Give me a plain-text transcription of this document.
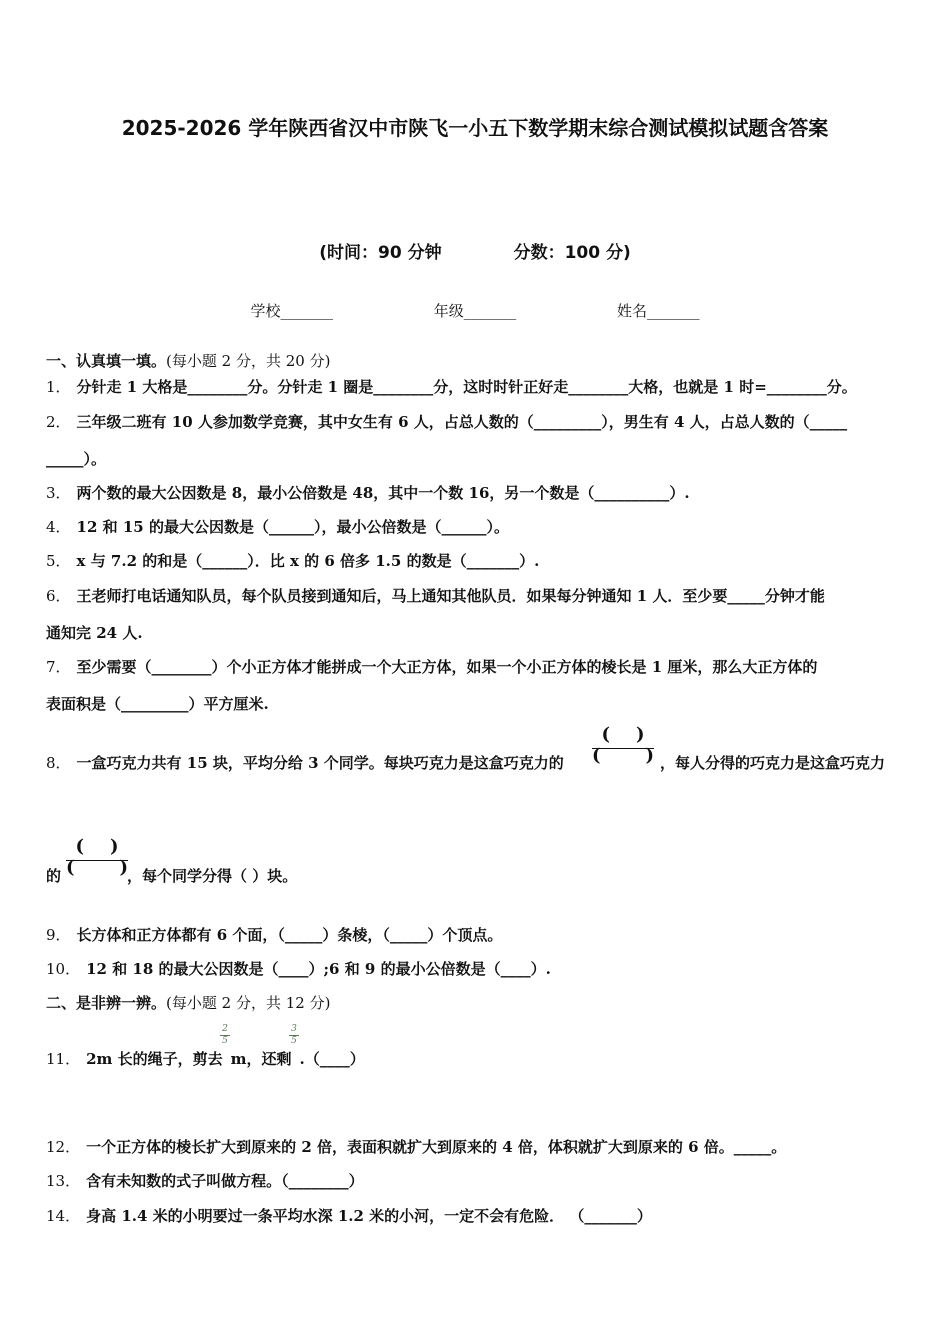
2025-2026 学年陕西省汉中市陕飞一小五下数学期末综合测试模拟试题含答案
(时间：90 分钟	分数：100 分)
学校_______	年级_______	姓名_______
一、认真填一填。(每小题 2 分，共 20 分)
1． 分针走 1 大格是________分。分针走 1 圈是________分，这时时针正好走________大格，也就是 1 时=________分。
2． 三年级二班有 10 人参加数学竞赛，其中女生有 6 人，占总人数的（_________），男生有 4 人，占总人数的（_____
_____）。
3． 两个数的最大公因数是 8，最小公倍数是 48，其中一个数 16，另一个数是（__________）.
4． 12 和 15 的最大公因数是（______），最小公倍数是（______）。
5． x 与 7.2 的和是（______）．比 x 的 6 倍多 1.5 的数是（_______）.
6． 王老师打电话通知队员，每个队员接到通知后，马上通知其他队员．如果每分钟通知 1 人．至少要_____分钟才能
通知完 24 人.
7． 至少需要（________）个小正方体才能拼成一个大正方体，如果一个小正方体的棱长是 1 厘米，那么大正方体的
表面积是（_________）平方厘米.
8． 一盒巧克力共有 15 块，平均分给 3 个同学。每块巧克力是这盒巧克力的
( )
( ) ，每人分得的巧克力是这盒巧克力
( )
( )
的	，每个同学分得（ ）块。
9． 长方体和正方体都有 6 个面，（_____）条棱，（_____）个顶点。
10． 12 和 18 的最大公因数是（____）;6 和 9 的最小公倍数是（____）.
二、是非辨一辨。(每小题 2 分，共 12 分)
11． 2m 长的绳子，剪去 m，还剩 .（____）
2
5
3
5
12． 一个正方体的棱长扩大到原来的 2 倍，表面积就扩大到原来的 4 倍，体积就扩大到原来的 6 倍。_____。
13． 含有未知数的式子叫做方程。（________）
14． 身高 1.4 米的小明要过一条平均水深 1.2 米的小河，一定不会有危险． （_______）
